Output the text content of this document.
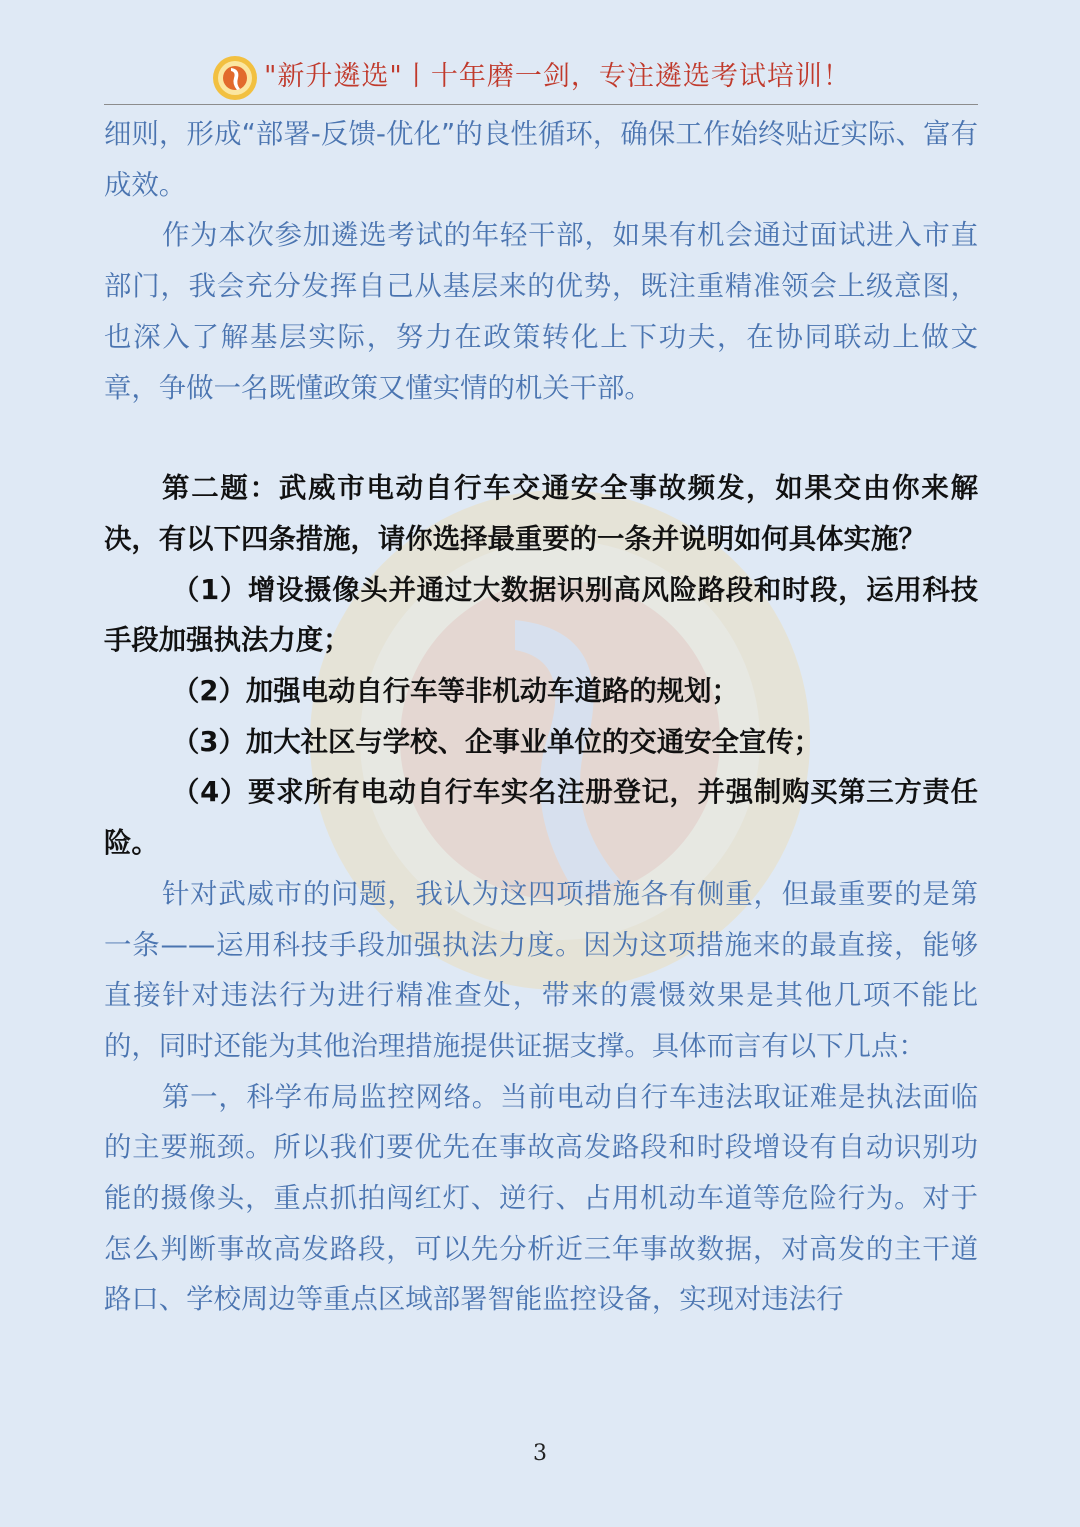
"新升遴选"丨十年磨一剑，专注遴选考试培训！

细则，形成“部署-反馈-优化”的良性循环，确保工作始终贴近实际、富有成效。

作为本次参加遴选考试的年轻干部，如果有机会通过面试进入市直部门，我会充分发挥自己从基层来的优势，既注重精准领会上级意图，也深入了解基层实际，努力在政策转化上下功夫，在协同联动上做文章，争做一名既懂政策又懂实情的机关干部。

第二题：武威市电动自行车交通安全事故频发，如果交由你来解决，有以下四条措施，请你选择最重要的一条并说明如何具体实施？

（1）增设摄像头并通过大数据识别高风险路段和时段，运用科技手段加强执法力度；

（2）加强电动自行车等非机动车道路的规划；

（3）加大社区与学校、企事业单位的交通安全宣传；

（4）要求所有电动自行车实名注册登记，并强制购买第三方责任险。

针对武威市的问题，我认为这四项措施各有侧重，但最重要的是第一条——运用科技手段加强执法力度。因为这项措施来的最直接，能够直接针对违法行为进行精准查处，带来的震慑效果是其他几项不能比的，同时还能为其他治理措施提供证据支撑。具体而言有以下几点：

第一，科学布局监控网络。当前电动自行车违法取证难是执法面临的主要瓶颈。所以我们要优先在事故高发路段和时段增设有自动识别功能的摄像头，重点抓拍闯红灯、逆行、占用机动车道等危险行为。对于怎么判断事故高发路段，可以先分析近三年事故数据，对高发的主干道路口、学校周边等重点区域部署智能监控设备，实现对违法行

3
